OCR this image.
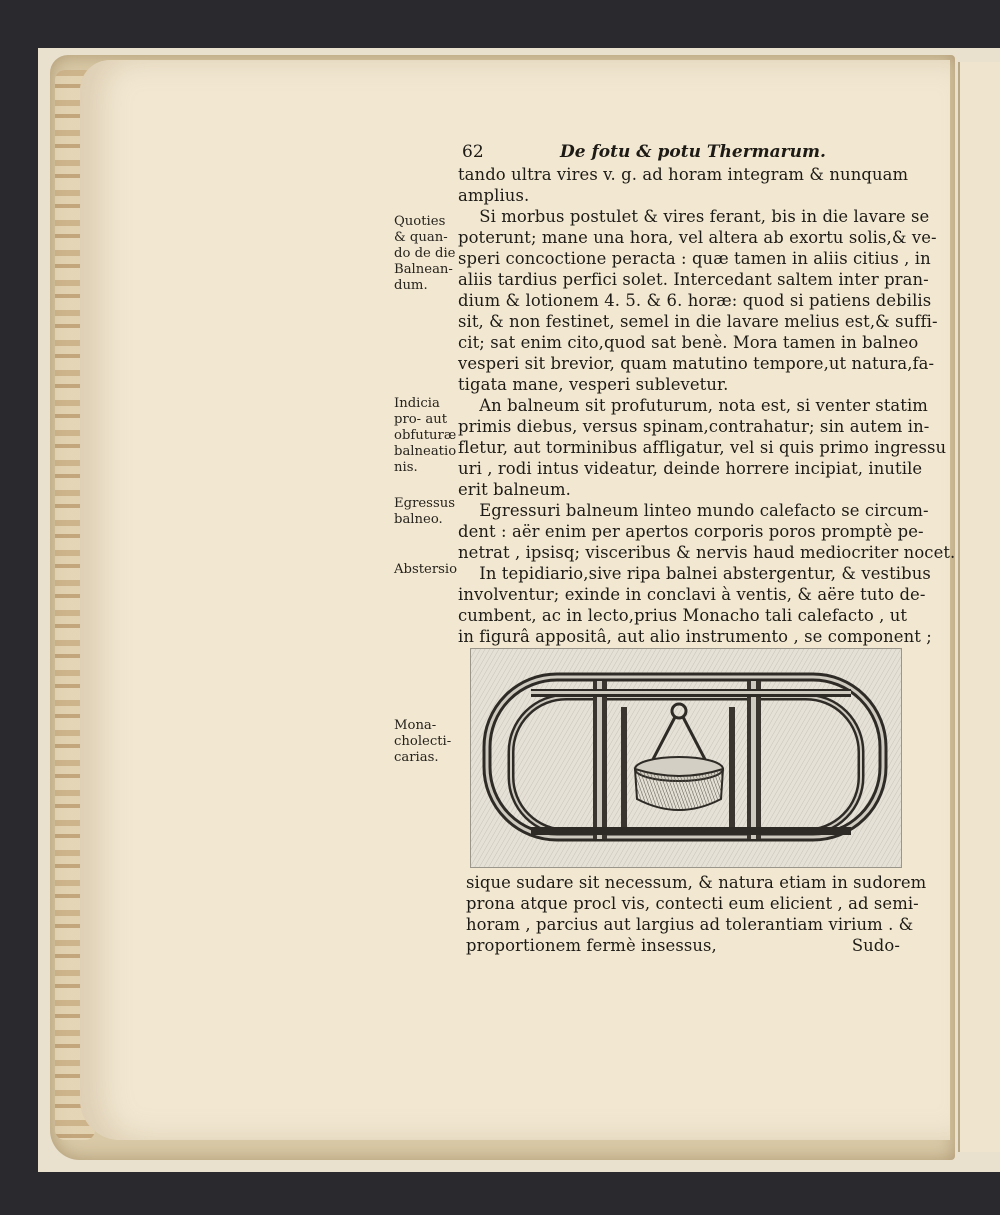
62	De fotu & potu Thermarum.
tando ultra vires v. g. ad horam integram & nunquam
amplius.
Si morbus postulet & vires ferant, bis in die lavare se
poterunt; mane una hora, vel altera ab exortu solis,& ve-
speri concoctione peracta : quæ tamen in aliis citius , in
aliis tardius perfici solet. Intercedant saltem inter pran-
dium & lotionem 4. 5. & 6. horæ: quod si patiens debilis
sit, & non festinet, semel in die lavare melius est,& suffi-
cit; sat enim cito,quod sat benè. Mora tamen in balneo
vesperi sit brevior, quam matutino tempore,ut natura,fa-
tigata mane, vesperi sublevetur.
An balneum sit profuturum, nota est, si venter statim
primis diebus, versus spinam,contrahatur; sin autem in-
fletur, aut torminibus affligatur, vel si quis primo ingressu
uri , rodi intus videatur, deinde horrere incipiat, inutile
erit balneum.
Egressuri balneum linteo mundo calefacto se circum-
dent : aër enim per apertos corporis poros promptè pe-
netrat , ipsisq; visceribus & nervis haud mediocriter nocet.
In tepidiario,sive ripa balnei abstergentur, & vestibus
involventur; exinde in conclavi à ventis, & aëre tuto de-
cumbent, ac in lecto,prius Monacho tali calefacto , ut
in figurâ appositâ, aut alio instrumento , se component ;
Quoties
& quan-
do de die
Balnean-
dum.
Indicia
pro- aut
obfuturæ
balneatio
nis.
Egressus
balneo.
Abstersio
Mona-
cholecti-
carias.
sique sudare sit necessum, & natura etiam in sudorem
prona atque procl vis, contecti eum elicient , ad semi-
horam , parcius aut largius ad tolerantiam virium . &
proportionem fermè insessus,	Sudo-
